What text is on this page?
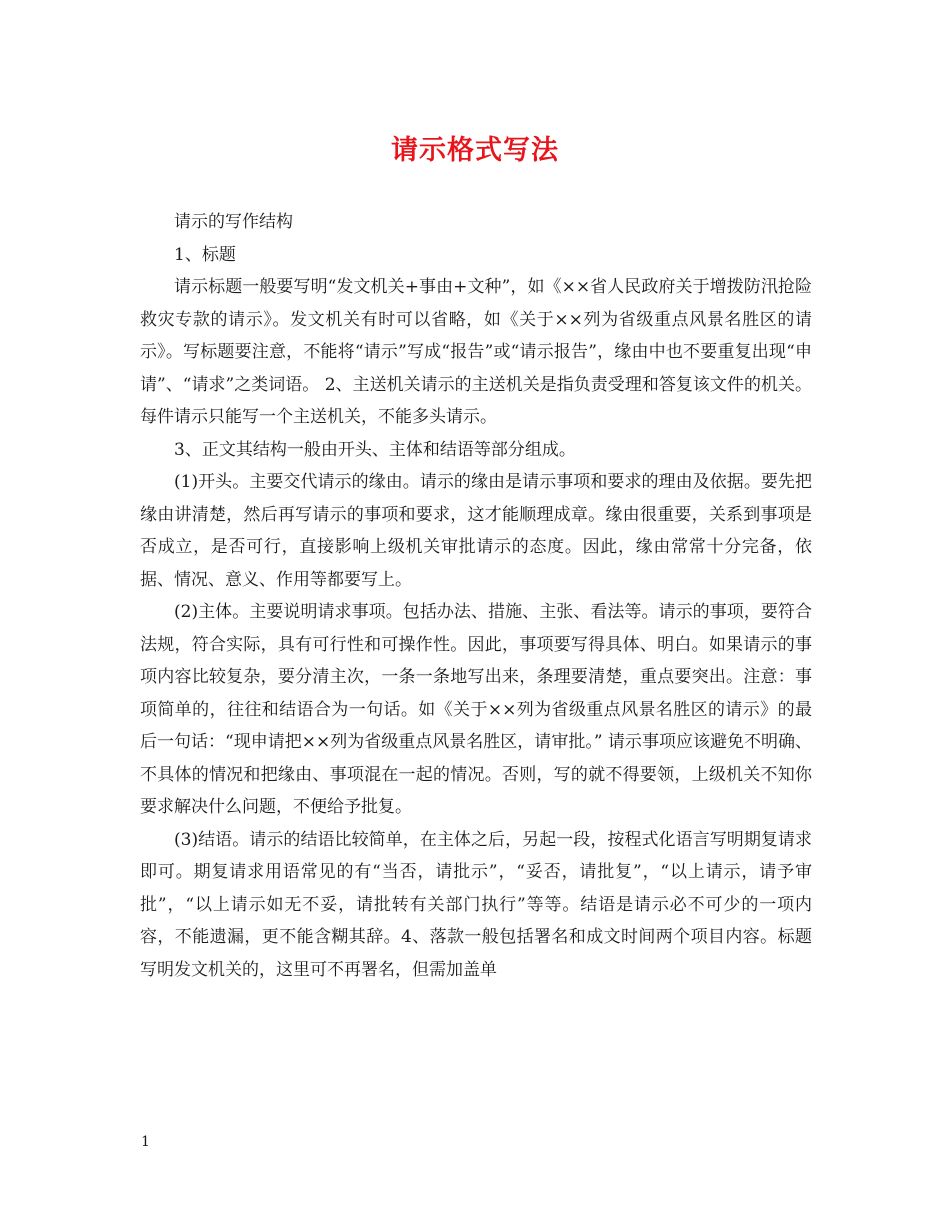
请示格式写法

请示的写作结构

1、标题

请示标题一般要写明“发文机关+事由+文种”，如《××省人民政府关于增拨防汛抢险救灾专款的请示》。发文机关有时可以省略，如《关于××列为省级重点风景名胜区的请示》。写标题要注意，不能将“请示”写成“报告”或“请示报告”，缘由中也不要重复出现“申请”、“请求”之类词语。 2、主送机关请示的主送机关是指负责受理和答复该文件的机关。每件请示只能写一个主送机关，不能多头请示。

3、正文其结构一般由开头、主体和结语等部分组成。

(1)开头。主要交代请示的缘由。请示的缘由是请示事项和要求的理由及依据。要先把缘由讲清楚，然后再写请示的事项和要求，这才能顺理成章。缘由很重要，关系到事项是否成立，是否可行，直接影响上级机关审批请示的态度。因此，缘由常常十分完备，依据、情况、意义、作用等都要写上。

(2)主体。主要说明请求事项。包括办法、措施、主张、看法等。请示的事项，要符合法规，符合实际，具有可行性和可操作性。因此，事项要写得具体、明白。如果请示的事项内容比较复杂，要分清主次，一条一条地写出来，条理要清楚，重点要突出。注意：事项简单的，往往和结语合为一句话。如《关于××列为省级重点风景名胜区的请示》的最后一句话：“现申请把××列为省级重点风景名胜区，请审批。” 请示事项应该避免不明确、不具体的情况和把缘由、事项混在一起的情况。否则，写的就不得要领，上级机关不知你要求解决什么问题，不便给予批复。

(3)结语。请示的结语比较简单，在主体之后，另起一段，按程式化语言写明期复请求即可。期复请求用语常见的有“当否，请批示”，“妥否，请批复”，“以上请示，请予审批”，“以上请示如无不妥，请批转有关部门执行”等等。结语是请示必不可少的一项内容，不能遗漏，更不能含糊其辞。4、落款一般包括署名和成文时间两个项目内容。标题写明发文机关的，这里可不再署名，但需加盖单

1
